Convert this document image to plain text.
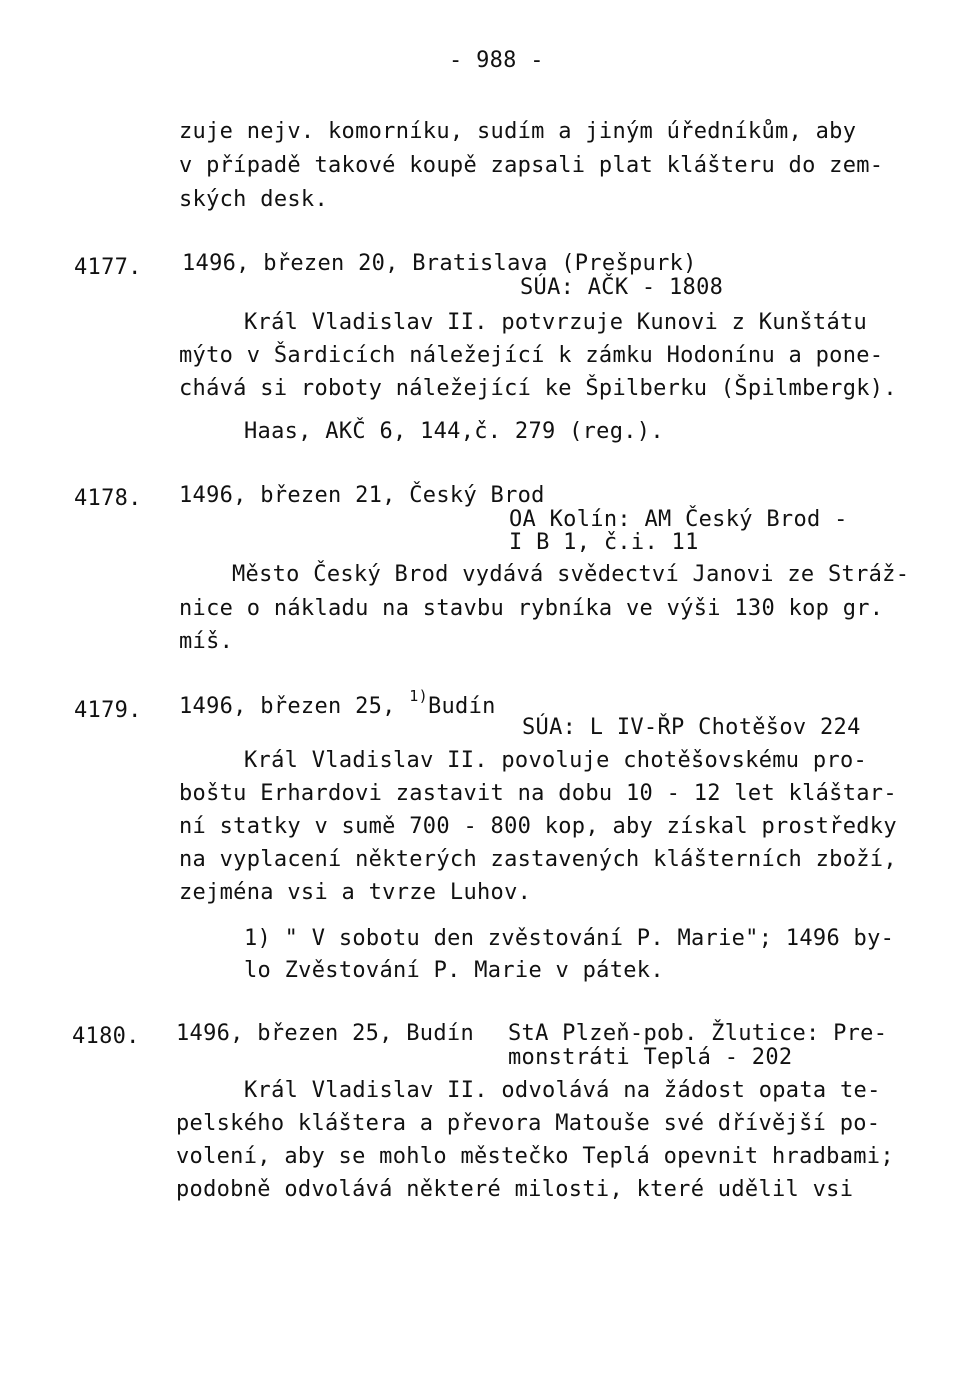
- 988 -
zuje nejv. komorníku, sudím a jiným úředníkům, aby
v případě takové koupě zapsali plat klášteru do zem-
ských desk.
4177. 1496, březen 20, Bratislava (Prešpurk)
SÚA: AČK - 1808
Král Vladislav II. potvrzuje Kunovi z Kunštátu
mýto v Šardicích náležející k zámku Hodonínu a pone-
chává si roboty náležející ke Špilberku (Špilmbergk).
Haas, AKČ 6, 144,č. 279 (reg.).
4178. 1496, březen 21, Český Brod
OA Kolín: AM Český Brod -
I B 1, č.i. 11
Město Český Brod vydává svědectví Janovi ze Stráž-
nice o nákladu na stavbu rybníka ve výši 130 kop gr.
míš.
4179. 1496, březen 25, $^{1)}$Budín
SÚA: L IV-ŘP Chotěšov 224
Král Vladislav II. povoluje chotěšovskému pro-
boštu Erhardovi zastavit na dobu 10 - 12 let kláštar-
ní statky v sumě 700 - 800 kop, aby získal prostředky
na vyplacení některých zastavených klášterních zboží,
zejména vsi a tvrze Luhov.
1) " V sobotu den zvěstování P. Marie"; 1496 by-
lo Zvěstování P. Marie v pátek.
4180. 1496, březen 25, Budín StA Plzeň-pob. Žlutice: Pre-
monstráti Teplá - 202
Král Vladislav II. odvolává na žádost opata te-
pelského kláštera a převora Matouše své dřívější po-
volení, aby se mohlo městečko Teplá opevnit hradbami;
podobně odvolává některé milosti, které udělil vsi
